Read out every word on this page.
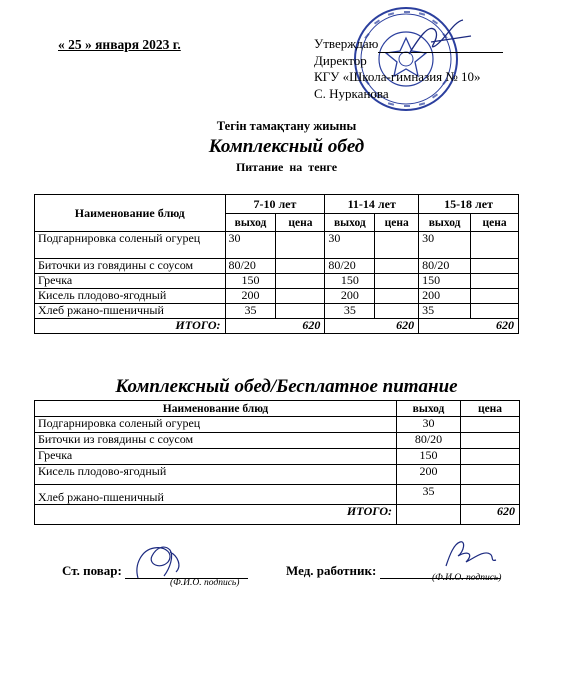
« 25 » января 2023 г.	Утверждаю
Директор
КГУ «Школа-гимназия № 10»
С. Нурканова
Тегін тамақтану жиыны
Комплексный обед
Питание на тенге
Наименование блюд	7-10 лет		11-14 лет		15-18 лет	
	выход	цена	выход	цена	выход	цена
Подгарнировка соленый огурец	30		30		30	
Биточки из говядины с соусом	80/20		80/20		80/20	
Гречка	150		150		150	
Кисель плодово-ягодный	200		200		200	
Хлеб ржано-пшеничный	35		35		35	
ИТОГО:	620		620		620	
Комплексный обед/Бесплатное питание
Наименование блюд	выход	цена
Подгарнировка соленый огурец	30	
Биточки из говядины с соусом	80/20	
Гречка	150	
Кисель плодово-ягодный	200	
Хлеб ржано-пшеничный	35	
ИТОГО:		620
Ст. повар:
(Ф.И.О. подпись)
Мед. работник:	(Ф.И.О. подпись)
